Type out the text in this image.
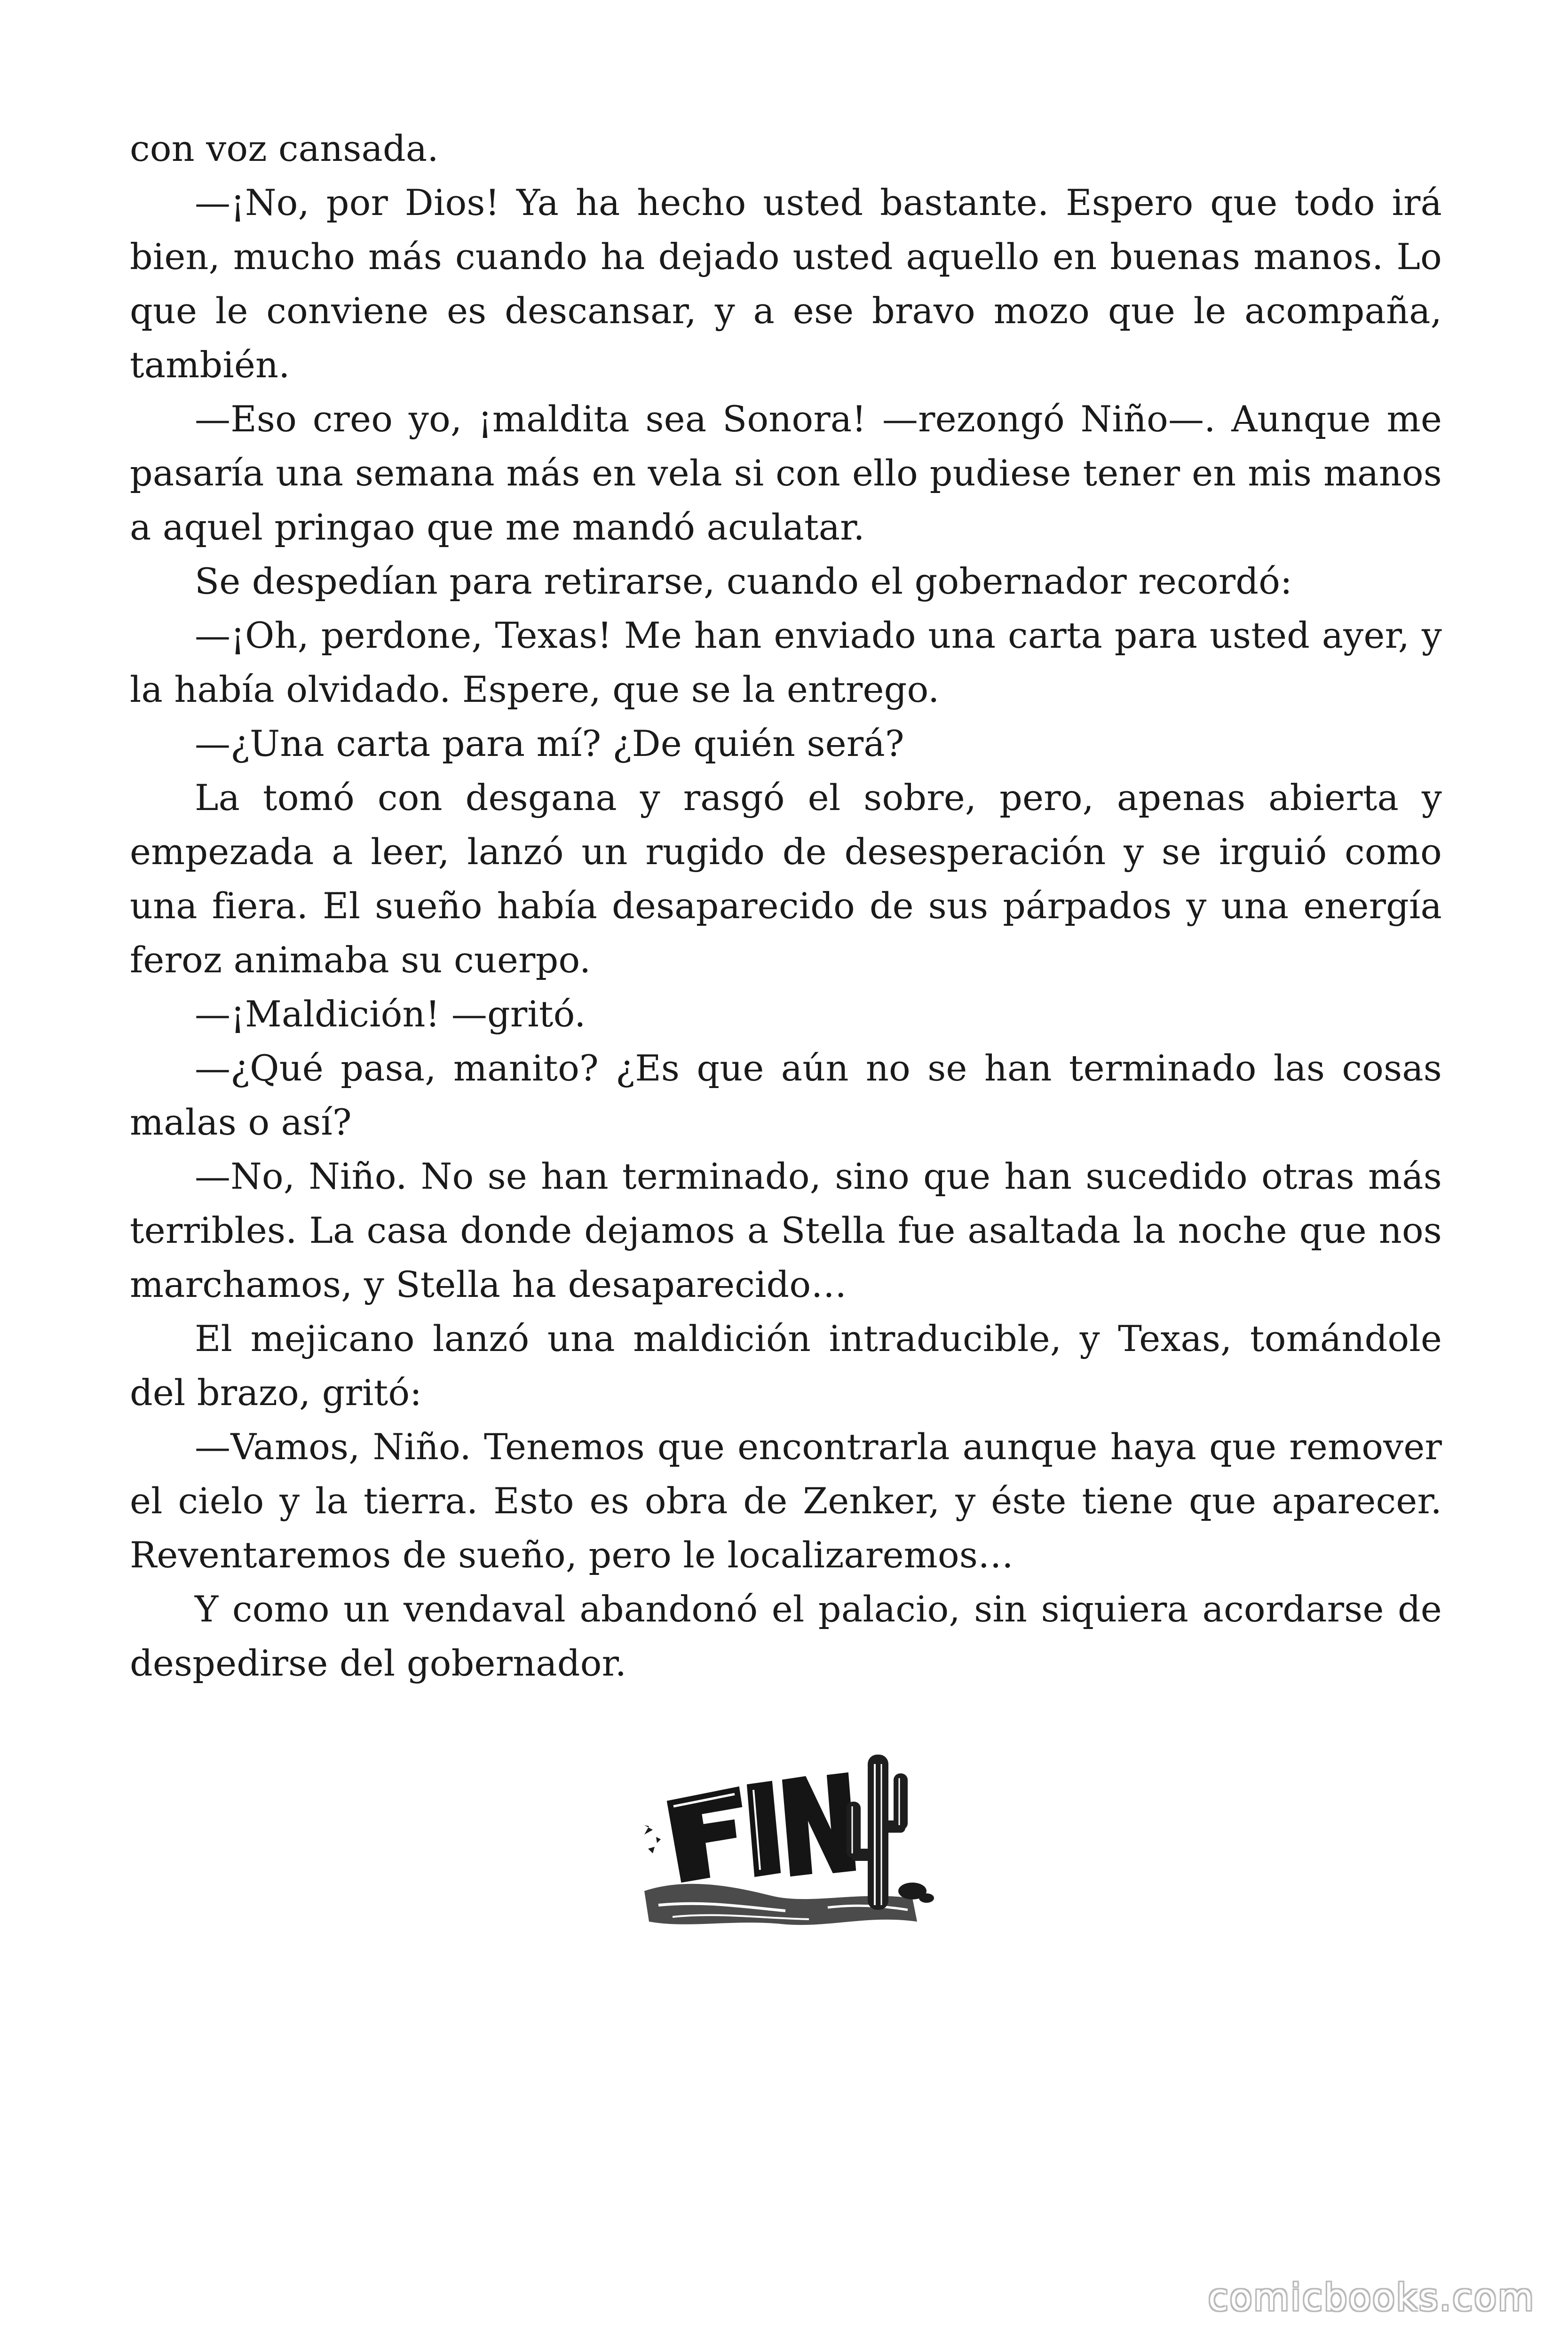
con voz cansada.

—¡No, por Dios! Ya ha hecho usted bastante. Espero que todo irá bien, mucho más cuando ha dejado usted aquello en buenas manos. Lo que le conviene es descansar, y a ese bravo mozo que le acompaña, también.

—Eso creo yo, ¡maldita sea Sonora! —rezongó Niño—. Aunque me pasaría una semana más en vela si con ello pudiese tener en mis manos a aquel pringao que me mandó aculatar.

Se despedían para retirarse, cuando el gobernador recordó:

—¡Oh, perdone, Texas! Me han enviado una carta para usted ayer, y la había olvidado. Espere, que se la entrego.

—¿Una carta para mí? ¿De quién será?

La tomó con desgana y rasgó el sobre, pero, apenas abierta y empezada a leer, lanzó un rugido de desesperación y se irguió como una fiera. El sueño había desaparecido de sus párpados y una energía feroz animaba su cuerpo.

—¡Maldición! —gritó.

—¿Qué pasa, manito? ¿Es que aún no se han terminado las cosas malas o así?

—No, Niño. No se han terminado, sino que han sucedido otras más terribles. La casa donde dejamos a Stella fue asaltada la noche que nos marchamos, y Stella ha desaparecido…

El mejicano lanzó una maldición intraducible, y Texas, tomándole del brazo, gritó:

—Vamos, Niño. Tenemos que encontrarla aunque haya que remover el cielo y la tierra. Esto es obra de Zenker, y éste tiene que aparecer. Reventaremos de sueño, pero le localizaremos…

Y como un vendaval abandonó el palacio, sin siquiera acordarse de despedirse del gobernador.

comicbooks.com
